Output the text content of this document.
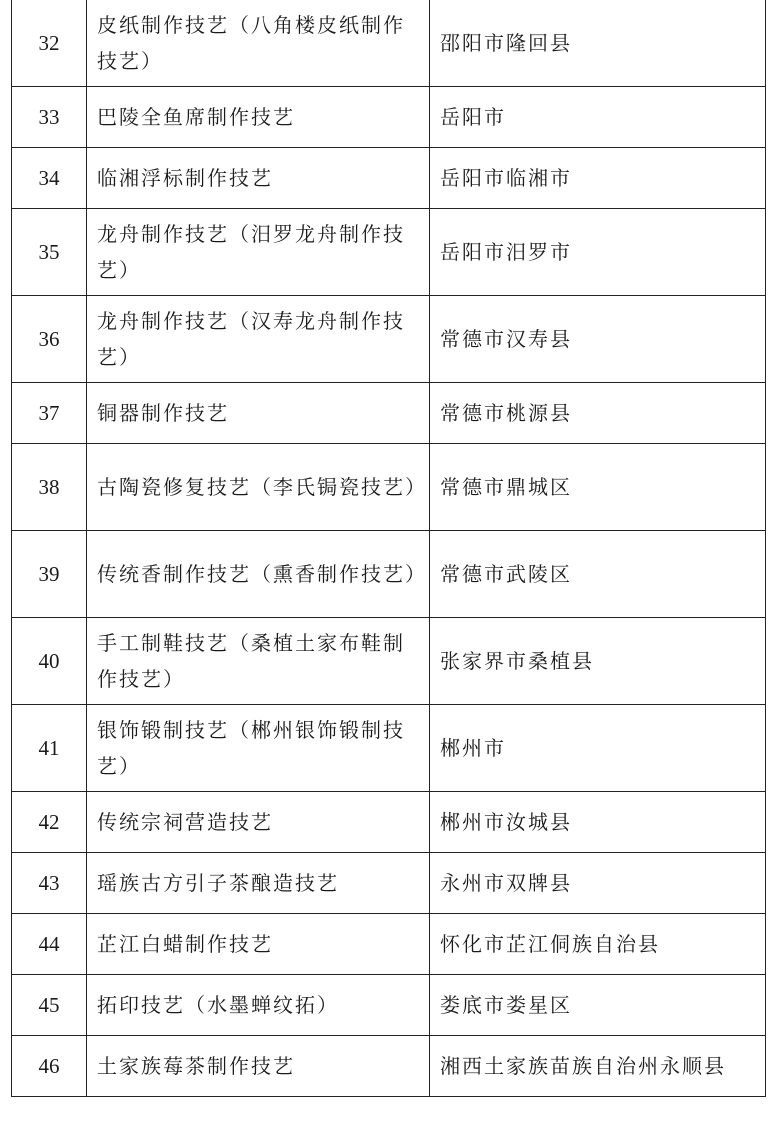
32	皮纸制作技艺（八角楼皮纸制作技艺）	邵阳市隆回县
33	巴陵全鱼席制作技艺	岳阳市
34	临湘浮标制作技艺	岳阳市临湘市
35	龙舟制作技艺（汨罗龙舟制作技艺）	岳阳市汨罗市
36	龙舟制作技艺（汉寿龙舟制作技艺）	常德市汉寿县
37	铜器制作技艺	常德市桃源县
38	古陶瓷修复技艺（李氏锔瓷技艺）	常德市鼎城区
39	传统香制作技艺（熏香制作技艺）	常德市武陵区
40	手工制鞋技艺（桑植土家布鞋制作技艺）	张家界市桑植县
41	银饰锻制技艺（郴州银饰锻制技艺）	郴州市
42	传统宗祠营造技艺	郴州市汝城县
43	瑶族古方引子茶酿造技艺	永州市双牌县
44	芷江白蜡制作技艺	怀化市芷江侗族自治县
45	拓印技艺（水墨蝉纹拓）	娄底市娄星区
46	土家族莓茶制作技艺	湘西土家族苗族自治州永顺县
